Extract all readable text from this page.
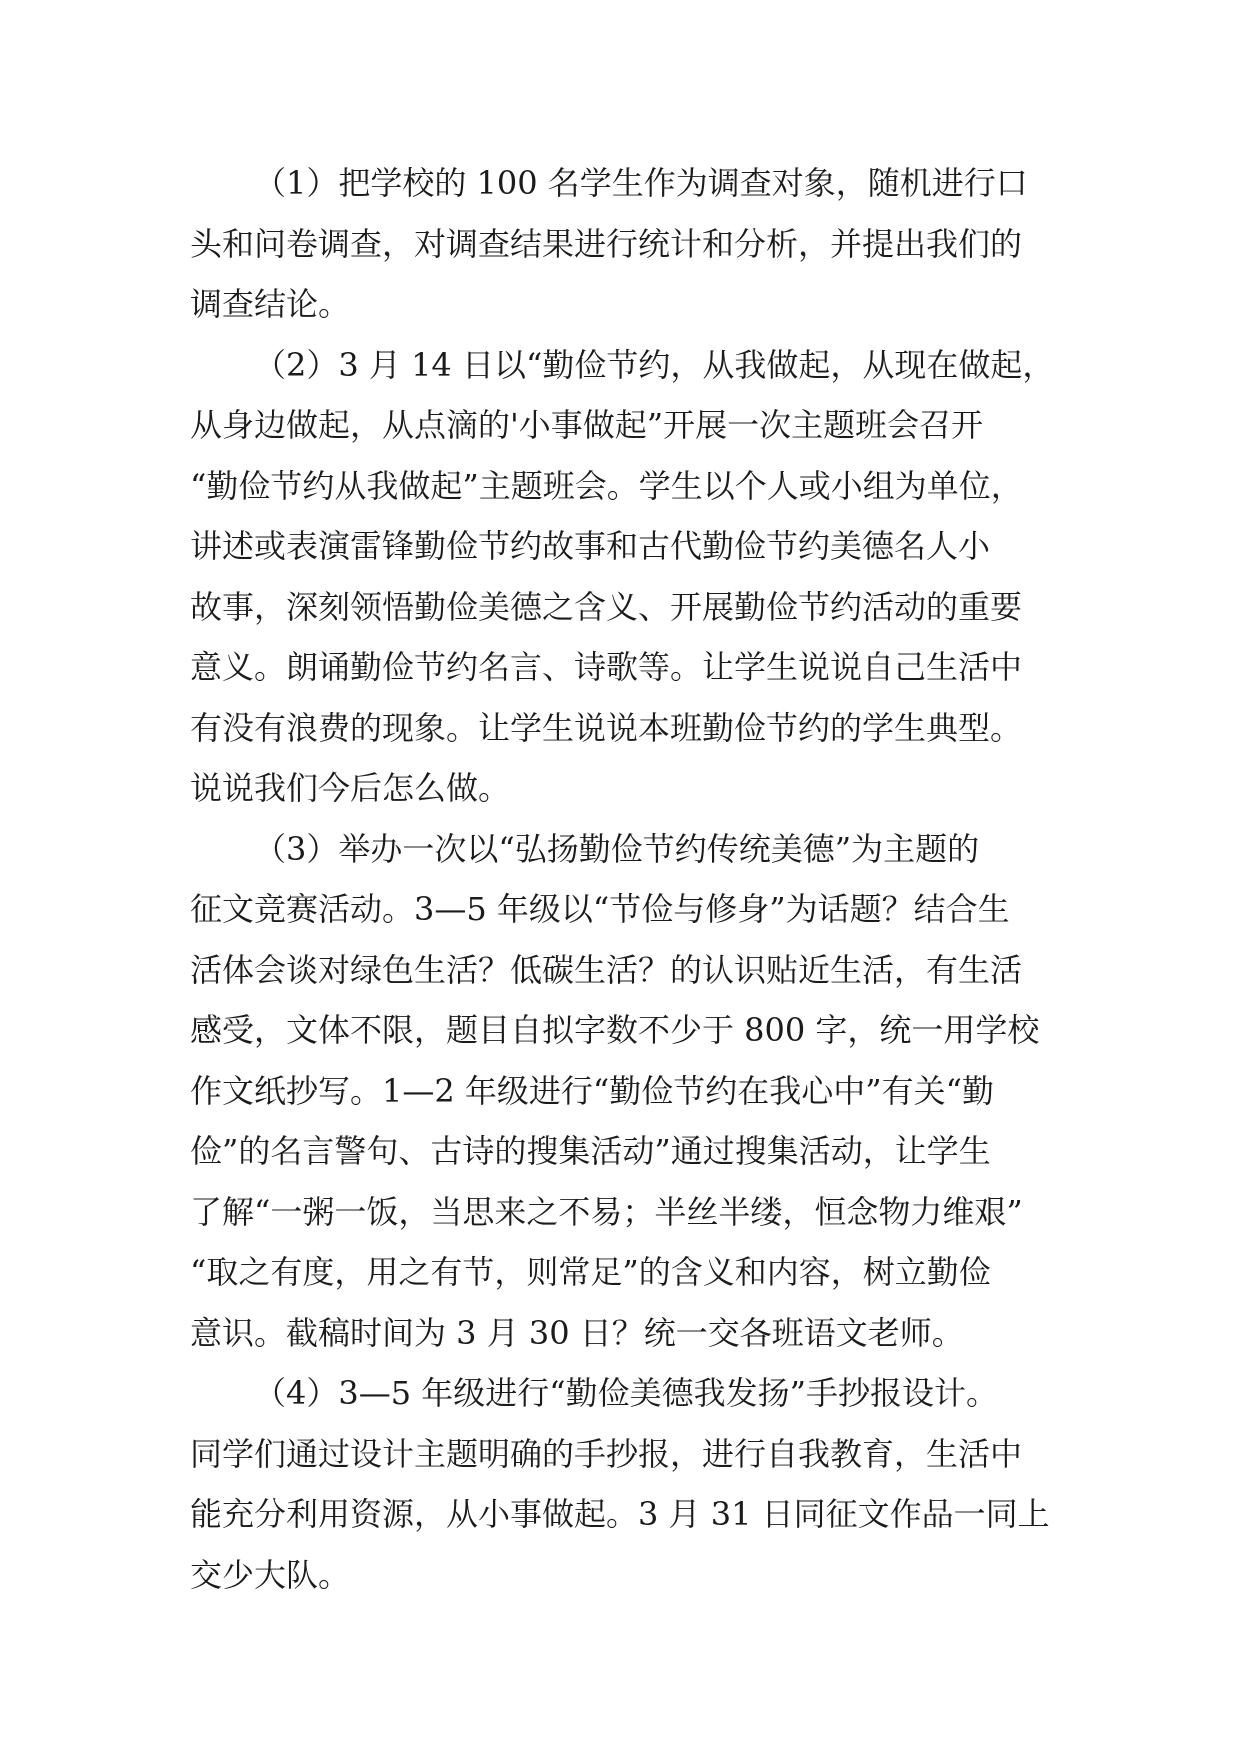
（1）把学校的 100 名学生作为调查对象，随机进行口
头和问卷调查，对调查结果进行统计和分析，并提出我们的
调查结论。

（2）3 月 14 日以“勤俭节约，从我做起，从现在做起，
从身边做起，从点滴的'小事做起”开展一次主题班会召开
“勤俭节约从我做起”主题班会。学生以个人或小组为单位，
讲述或表演雷锋勤俭节约故事和古代勤俭节约美德名人小
故事，深刻领悟勤俭美德之含义、开展勤俭节约活动的重要
意义。朗诵勤俭节约名言、诗歌等。让学生说说自己生活中
有没有浪费的现象。让学生说说本班勤俭节约的学生典型。
说说我们今后怎么做。

（3）举办一次以“弘扬勤俭节约传统美德”为主题的
征文竞赛活动。3—5 年级以“节俭与修身”为话题？结合生
活体会谈对绿色生活？低碳生活？的认识贴近生活，有生活
感受，文体不限，题目自拟字数不少于 800 字，统一用学校
作文纸抄写。1—2 年级进行“勤俭节约在我心中”有关“勤
俭”的名言警句、古诗的搜集活动”通过搜集活动，让学生
了解“一粥一饭，当思来之不易；半丝半缕，恒念物力维艰”
“取之有度，用之有节，则常足”的含义和内容，树立勤俭
意识。截稿时间为 3 月 30 日？统一交各班语文老师。

（4）3—5 年级进行“勤俭美德我发扬”手抄报设计。
同学们通过设计主题明确的手抄报，进行自我教育，生活中
能充分利用资源，从小事做起。3 月 31 日同征文作品一同上
交少大队。
